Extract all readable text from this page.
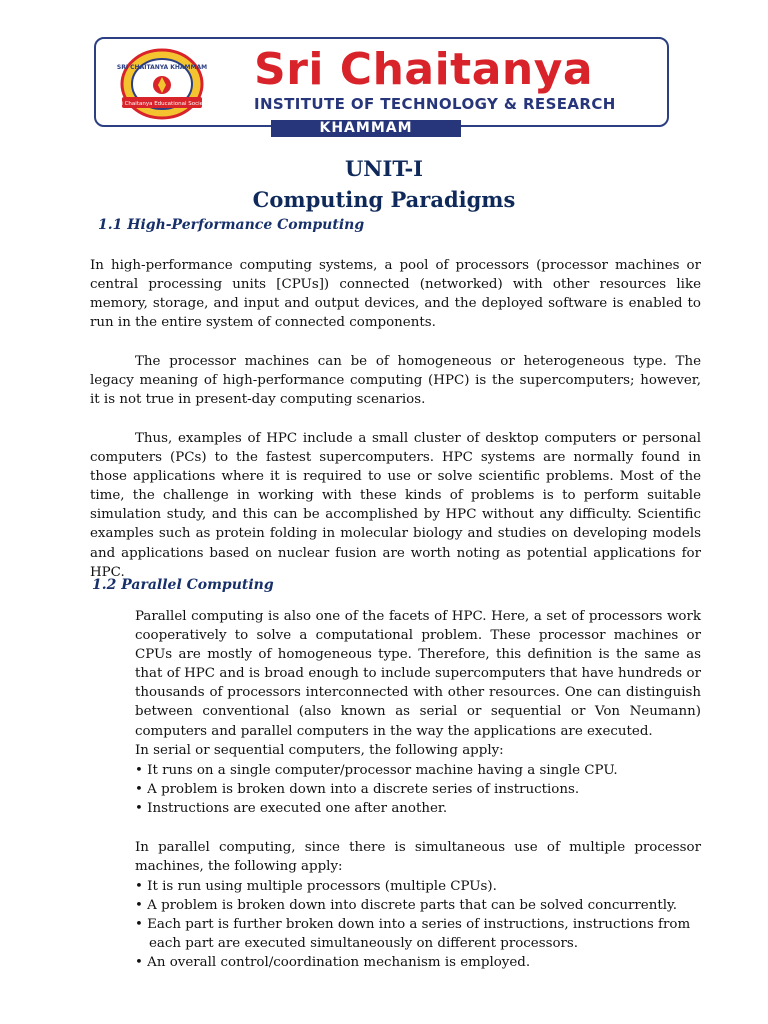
SRI CHAITANYA KHAMMAM
Sri Chaitanya Educational Society
Sri Chaitanya
INSTITUTE OF TECHNOLOGY & RESEARCH
KHAMMAM
UNIT-I
Computing Paradigms
1.1 High-Performance Computing

In high-performance computing systems, a pool of processors (processor machines or central processing units [CPUs]) connected (networked) with other resources like memory, storage, and input and output devices, and the deployed software is enabled to run in the entire system of connected components.

The processor machines can be of homogeneous or heterogeneous type. The legacy meaning of high-performance computing (HPC) is the supercomputers; however, it is not true in present-day computing scenarios.

Thus, examples of HPC include a small cluster of desktop computers or personal computers (PCs) to the fastest supercomputers. HPC systems are normally found in those applications where it is required to use or solve scientific problems. Most of the time, the challenge in working with these kinds of problems is to perform suitable simulation study, and this can be accomplished by HPC without any difficulty. Scientific examples such as protein folding in molecular biology and studies on developing models and applications based on nuclear fusion are worth noting as potential applications for HPC.

1.2 Parallel Computing

Parallel computing is also one of the facets of HPC. Here, a set of processors work cooperatively to solve a computational problem. These processor machines or CPUs are mostly of homogeneous type. Therefore, this definition is the same as that of HPC and is broad enough to include supercomputers that have hundreds or thousands of processors interconnected with other resources. One can distinguish between conventional (also known as serial or sequential or Von Neumann) computers and parallel computers in the way the applications are executed.

In serial or sequential computers, the following apply:

• It runs on a single computer/processor machine having a single CPU.
• A problem is broken down into a discrete series of instructions.
• Instructions are executed one after another.

In parallel computing, since there is simultaneous use of multiple processor machines, the following apply:

• It is run using multiple processors (multiple CPUs).
• A problem is broken down into discrete parts that can be solved concurrently.
• Each part is further broken down into a series of instructions, instructions from
each part are executed simultaneously on different processors.
• An overall control/coordination mechanism is employed.
